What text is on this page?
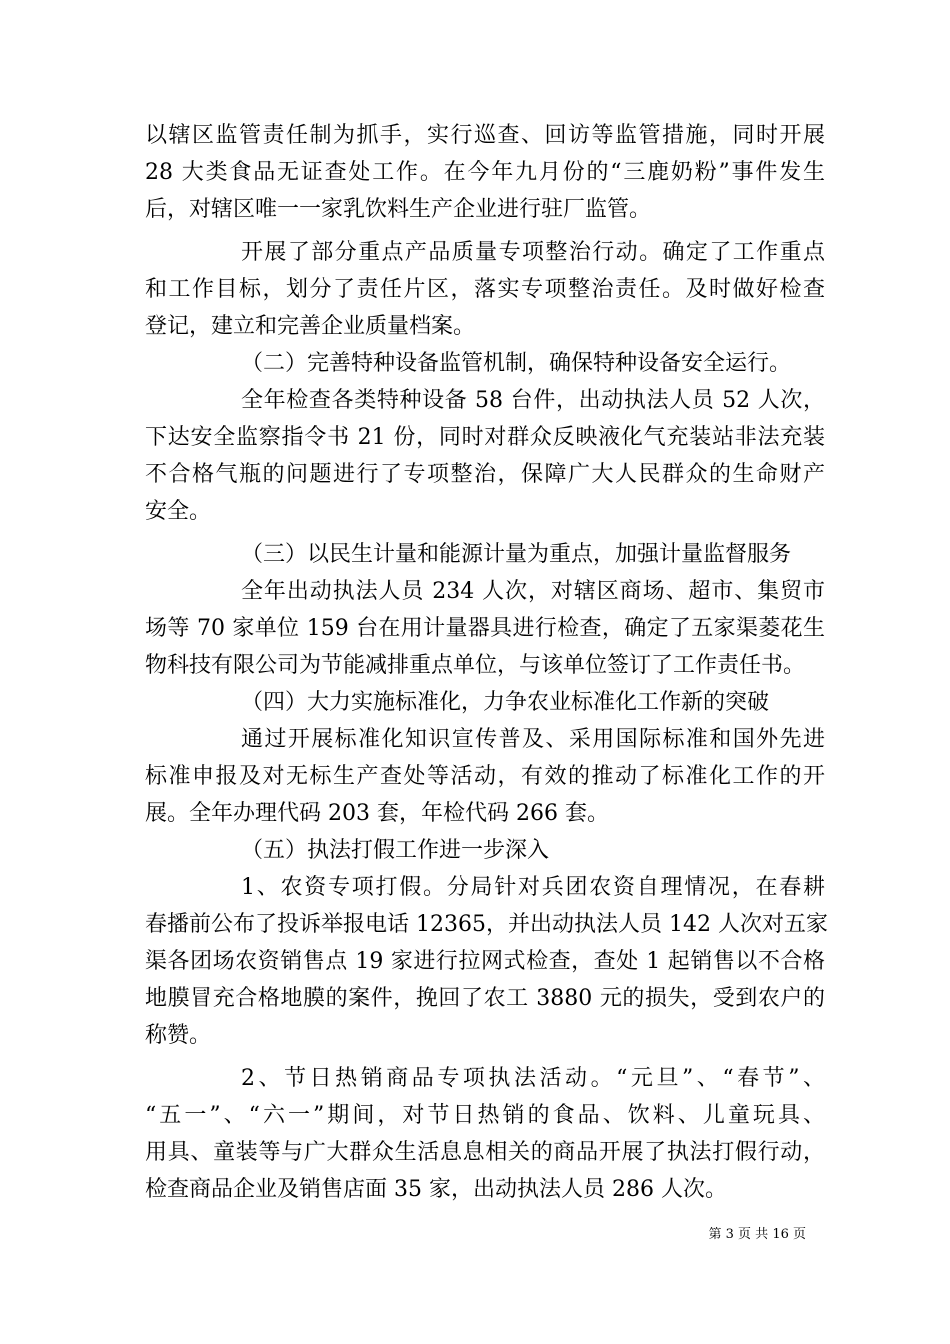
以辖区监管责任制为抓手，实行巡查、回访等监管措施，同时开展
28 大类食品无证查处工作。在今年九月份的“三鹿奶粉”事件发生
后，对辖区唯一一家乳饮料生产企业进行驻厂监管。
开展了部分重点产品质量专项整治行动。确定了工作重点
和工作目标，划分了责任片区，落实专项整治责任。及时做好检查
登记，建立和完善企业质量档案。
（二）完善特种设备监管机制，确保特种设备安全运行。
全年检查各类特种设备 58 台件，出动执法人员 52 人次，
下达安全监察指令书 21 份，同时对群众反映液化气充装站非法充装
不合格气瓶的问题进行了专项整治，保障广大人民群众的生命财产
安全。
（三）以民生计量和能源计量为重点，加强计量监督服务
全年出动执法人员 234 人次，对辖区商场、超市、集贸市
场等 70 家单位 159 台在用计量器具进行检查，确定了五家渠菱花生
物科技有限公司为节能减排重点单位，与该单位签订了工作责任书。
（四）大力实施标准化，力争农业标准化工作新的突破
通过开展标准化知识宣传普及、采用国际标准和国外先进
标准申报及对无标生产查处等活动，有效的推动了标准化工作的开
展。全年办理代码 203 套，年检代码 266 套。
（五）执法打假工作进一步深入
1、农资专项打假。分局针对兵团农资自理情况，在春耕
春播前公布了投诉举报电话 12365，并出动执法人员 142 人次对五家
渠各团场农资销售点 19 家进行拉网式检查，查处 1 起销售以不合格
地膜冒充合格地膜的案件，挽回了农工 3880 元的损失，受到农户的
称赞。
2、节日热销商品专项执法活动。“元旦”、“春节”、
“五一”、“六一”期间，对节日热销的食品、饮料、儿童玩具、
用具、童装等与广大群众生活息息相关的商品开展了执法打假行动，
检查商品企业及销售店面 35 家，出动执法人员 286 人次。
第 3 页 共 16 页
